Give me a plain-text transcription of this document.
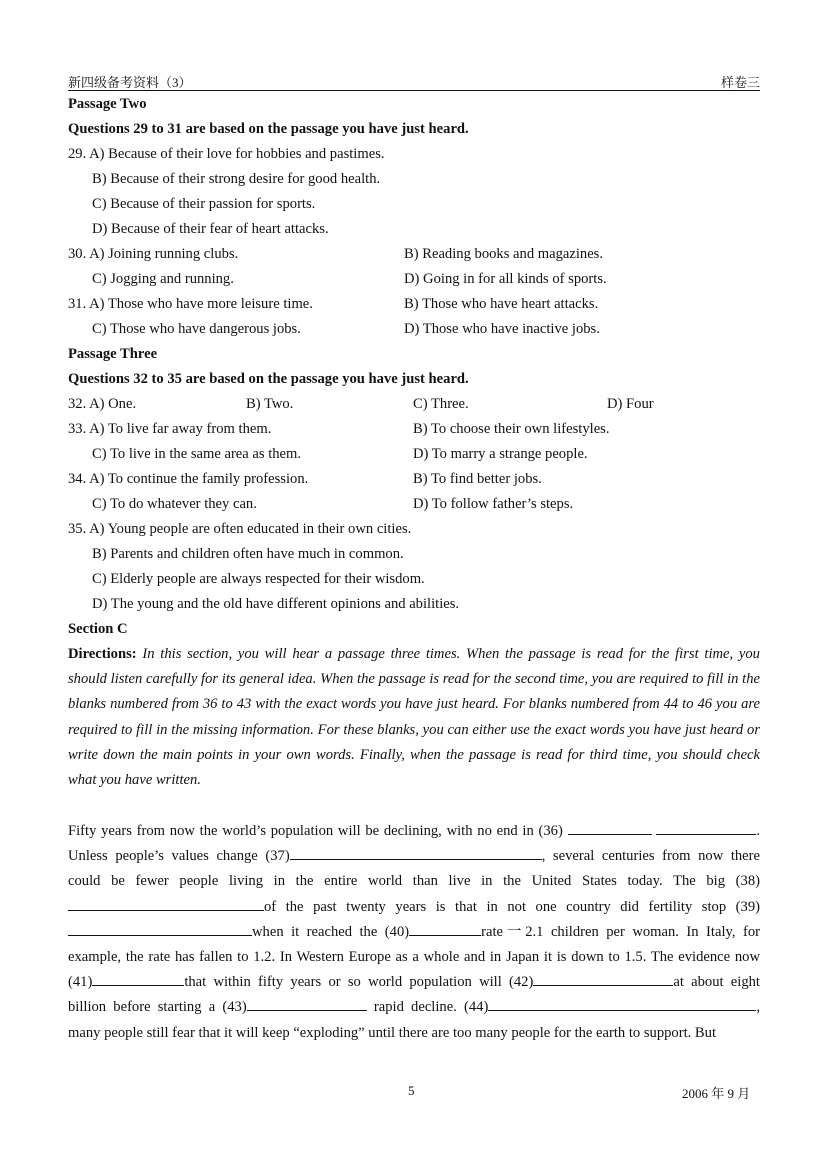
新四级备考资料（3）	样卷三
Passage Two
Questions 29 to 31 are based on the passage you have just heard.
29. A) Because of their love for hobbies and pastimes.
B) Because of their strong desire for good health.
C) Because of their passion for sports.
D) Because of their fear of heart attacks.
30. A) Joining running clubs.	B) Reading books and magazines.
C) Jogging and running.	D) Going in for all kinds of sports.
31. A) Those who have more leisure time.	B) Those who have heart attacks.
C) Those who have dangerous jobs.	D) Those who have inactive jobs.
Passage Three
Questions 32 to 35 are based on the passage you have just heard.
32. A) One.	B) Two.	C) Three.	D) Four
33. A) To live far away from them.	B) To choose their own lifestyles.
C) To live in the same area as them.	D) To marry a strange people.
34. A) To continue the family profession.	B) To find better jobs.
C) To do whatever they can.	D) To follow father’s steps.
35. A) Young people are often educated in their own cities.
B) Parents and children often have much in common.
C) Elderly people are always respected for their wisdom.
D) The young and the old have different opinions and abilities.
Section C
Directions: In this section, you will hear a passage three times. When the passage is read for the first time, you should listen carefully for its general idea. When the passage is read for the second time, you are required to fill in the blanks numbered from 36 to 43 with the exact words you have just heard. For blanks numbered from 44 to 46 you are required to fill in the missing information. For these blanks, you can either use the exact words you have just heard or write down the main points in your own words. Finally, when the passage is read for third time, you should check what you have written.
Fifty years from now the world’s population will be declining, with no end in (36)	. Unless people’s values change (37)	, several centuries from now there could be fewer people living in the entire world than live in the United States today. The big (38)of the past twenty years is that in not one country did fertility stop (39)when it reached the (40)	rate一2.1 children per woman. In Italy, for example, the rate has fallen to 1.2. In Western Europe as a whole and in Japan it is down to 1.5. The evidence now (41)	that within fifty years or so world population will (42)	at about eight billion before starting a (43)	rapid decline. (44)	, many people still fear that it will keep “exploding” until there are too many people for the earth to support. But
5	2006 年 9 月
